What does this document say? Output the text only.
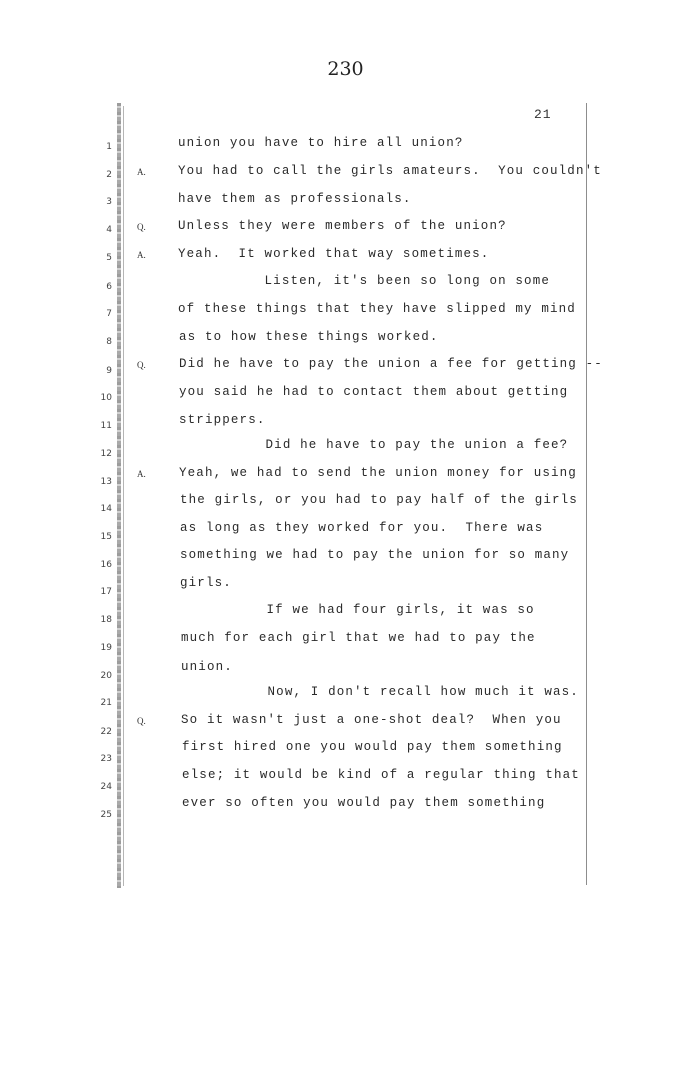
230
21
1	union you have to hire all union?
2	A.	You had to call the girls amateurs.  You couldn't
3	have them as professionals.
4	Q.	Unless they were members of the union?
5	A.	Yeah.  It worked that way sometimes.
6	Listen, it's been so long on some
7	of these things that they have slipped my mind
8	as to how these things worked.
9
Q.	Did he have to pay the union a fee for getting --
10	you said he had to contact them about getting
11	strippers.
12
Did he have to pay the union a fee?
13
A.	Yeah, we had to send the union money for using
14
the girls, or you had to pay half of the girls
15
as long as they worked for you.  There was
16
something we had to pay the union for so many
17
girls.
18
If we had four girls, it was so
19
much for each girl that we had to pay the
20
union.
21
Now, I don't recall how much it was.
22
Q.	So it wasn't just a one-shot deal?  When you
23
first hired one you would pay them something
24
else; it would be kind of a regular thing that
25
ever so often you would pay them something
